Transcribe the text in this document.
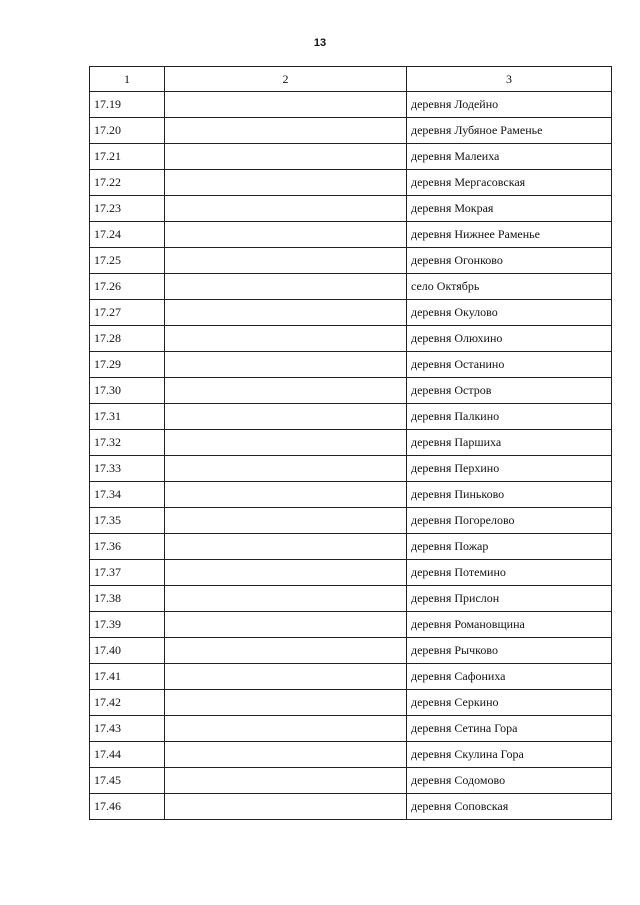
13
1	2	3
17.19		деревня Лодейно
17.20		деревня Лубяное Раменье
17.21		деревня Малеиха
17.22		деревня Мергасовская
17.23		деревня Мокрая
17.24		деревня Нижнее Раменье
17.25		деревня Огонково
17.26		село Октябрь
17.27		деревня Окулово
17.28		деревня Олюхино
17.29		деревня Останино
17.30		деревня Остров
17.31		деревня Палкино
17.32		деревня Паршиха
17.33		деревня Перхино
17.34		деревня Пиньково
17.35		деревня Погорелово
17.36		деревня Пожар
17.37		деревня Потемино
17.38		деревня Прислон
17.39		деревня Романовщина
17.40		деревня Рычково
17.41		деревня Сафониха
17.42		деревня Серкино
17.43		деревня Сетина Гора
17.44		деревня Скулина Гора
17.45		деревня Содомово
17.46		деревня Соповская
